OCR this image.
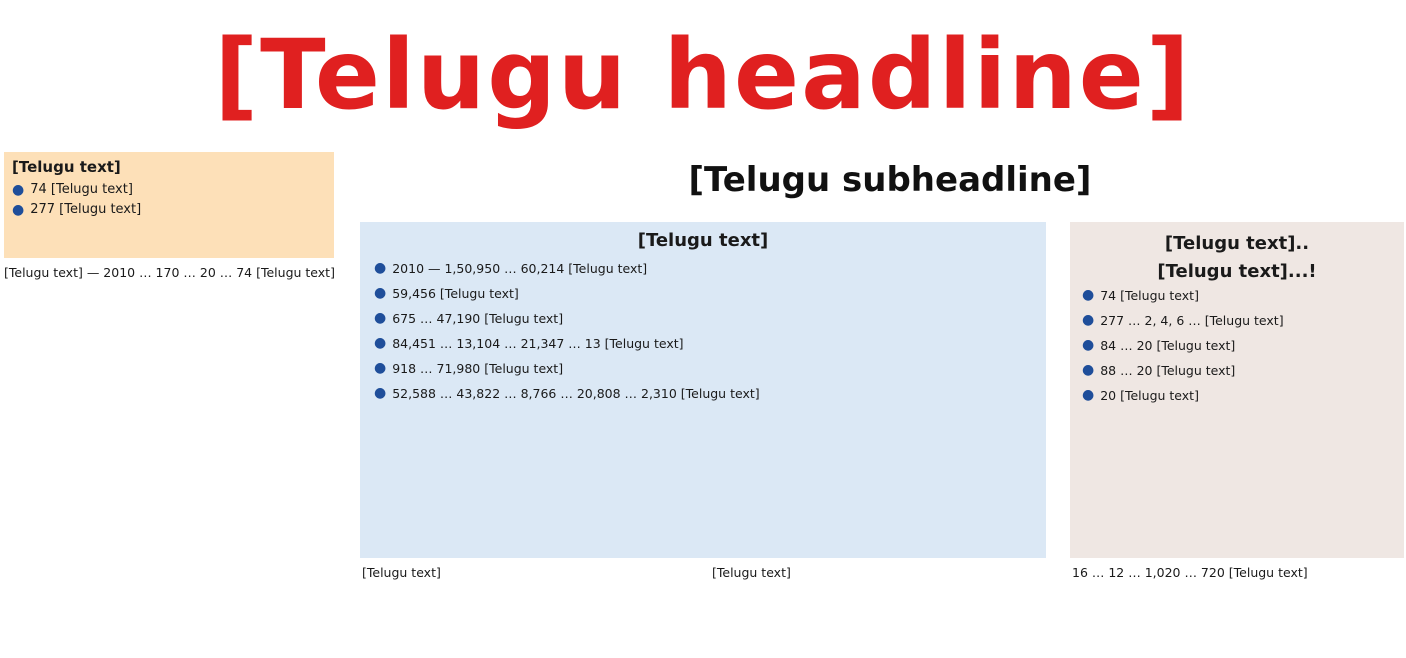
[Telugu headline]
[Telugu subheadline]
[Telugu text]
● 74 [Telugu text]
● 277 [Telugu text]
[Telugu text]
● 2010 — 1,50,950 … 60,214 [Telugu text]
● 59,456 [Telugu text]
● 675 … 47,190 [Telugu text]
● 84,451 … 13,104 … 21,347 … 13 [Telugu text]
● 918 … 71,980 [Telugu text]
● 52,588 … 43,822 … 8,766 … 20,808 … 2,310 [Telugu text]
[Telugu text]..
[Telugu text]...!
● 74 [Telugu text]
● 277 … 2, 4, 6 … [Telugu text]
● 84 … 20 [Telugu text]
● 88 … 20 [Telugu text]
● 20 [Telugu text]
[Telugu text] — 2010 … 170 … 20 … 74 [Telugu text]
[Telugu text]	[Telugu text]	16 … 12 … 1,020 … 720 [Telugu text]
